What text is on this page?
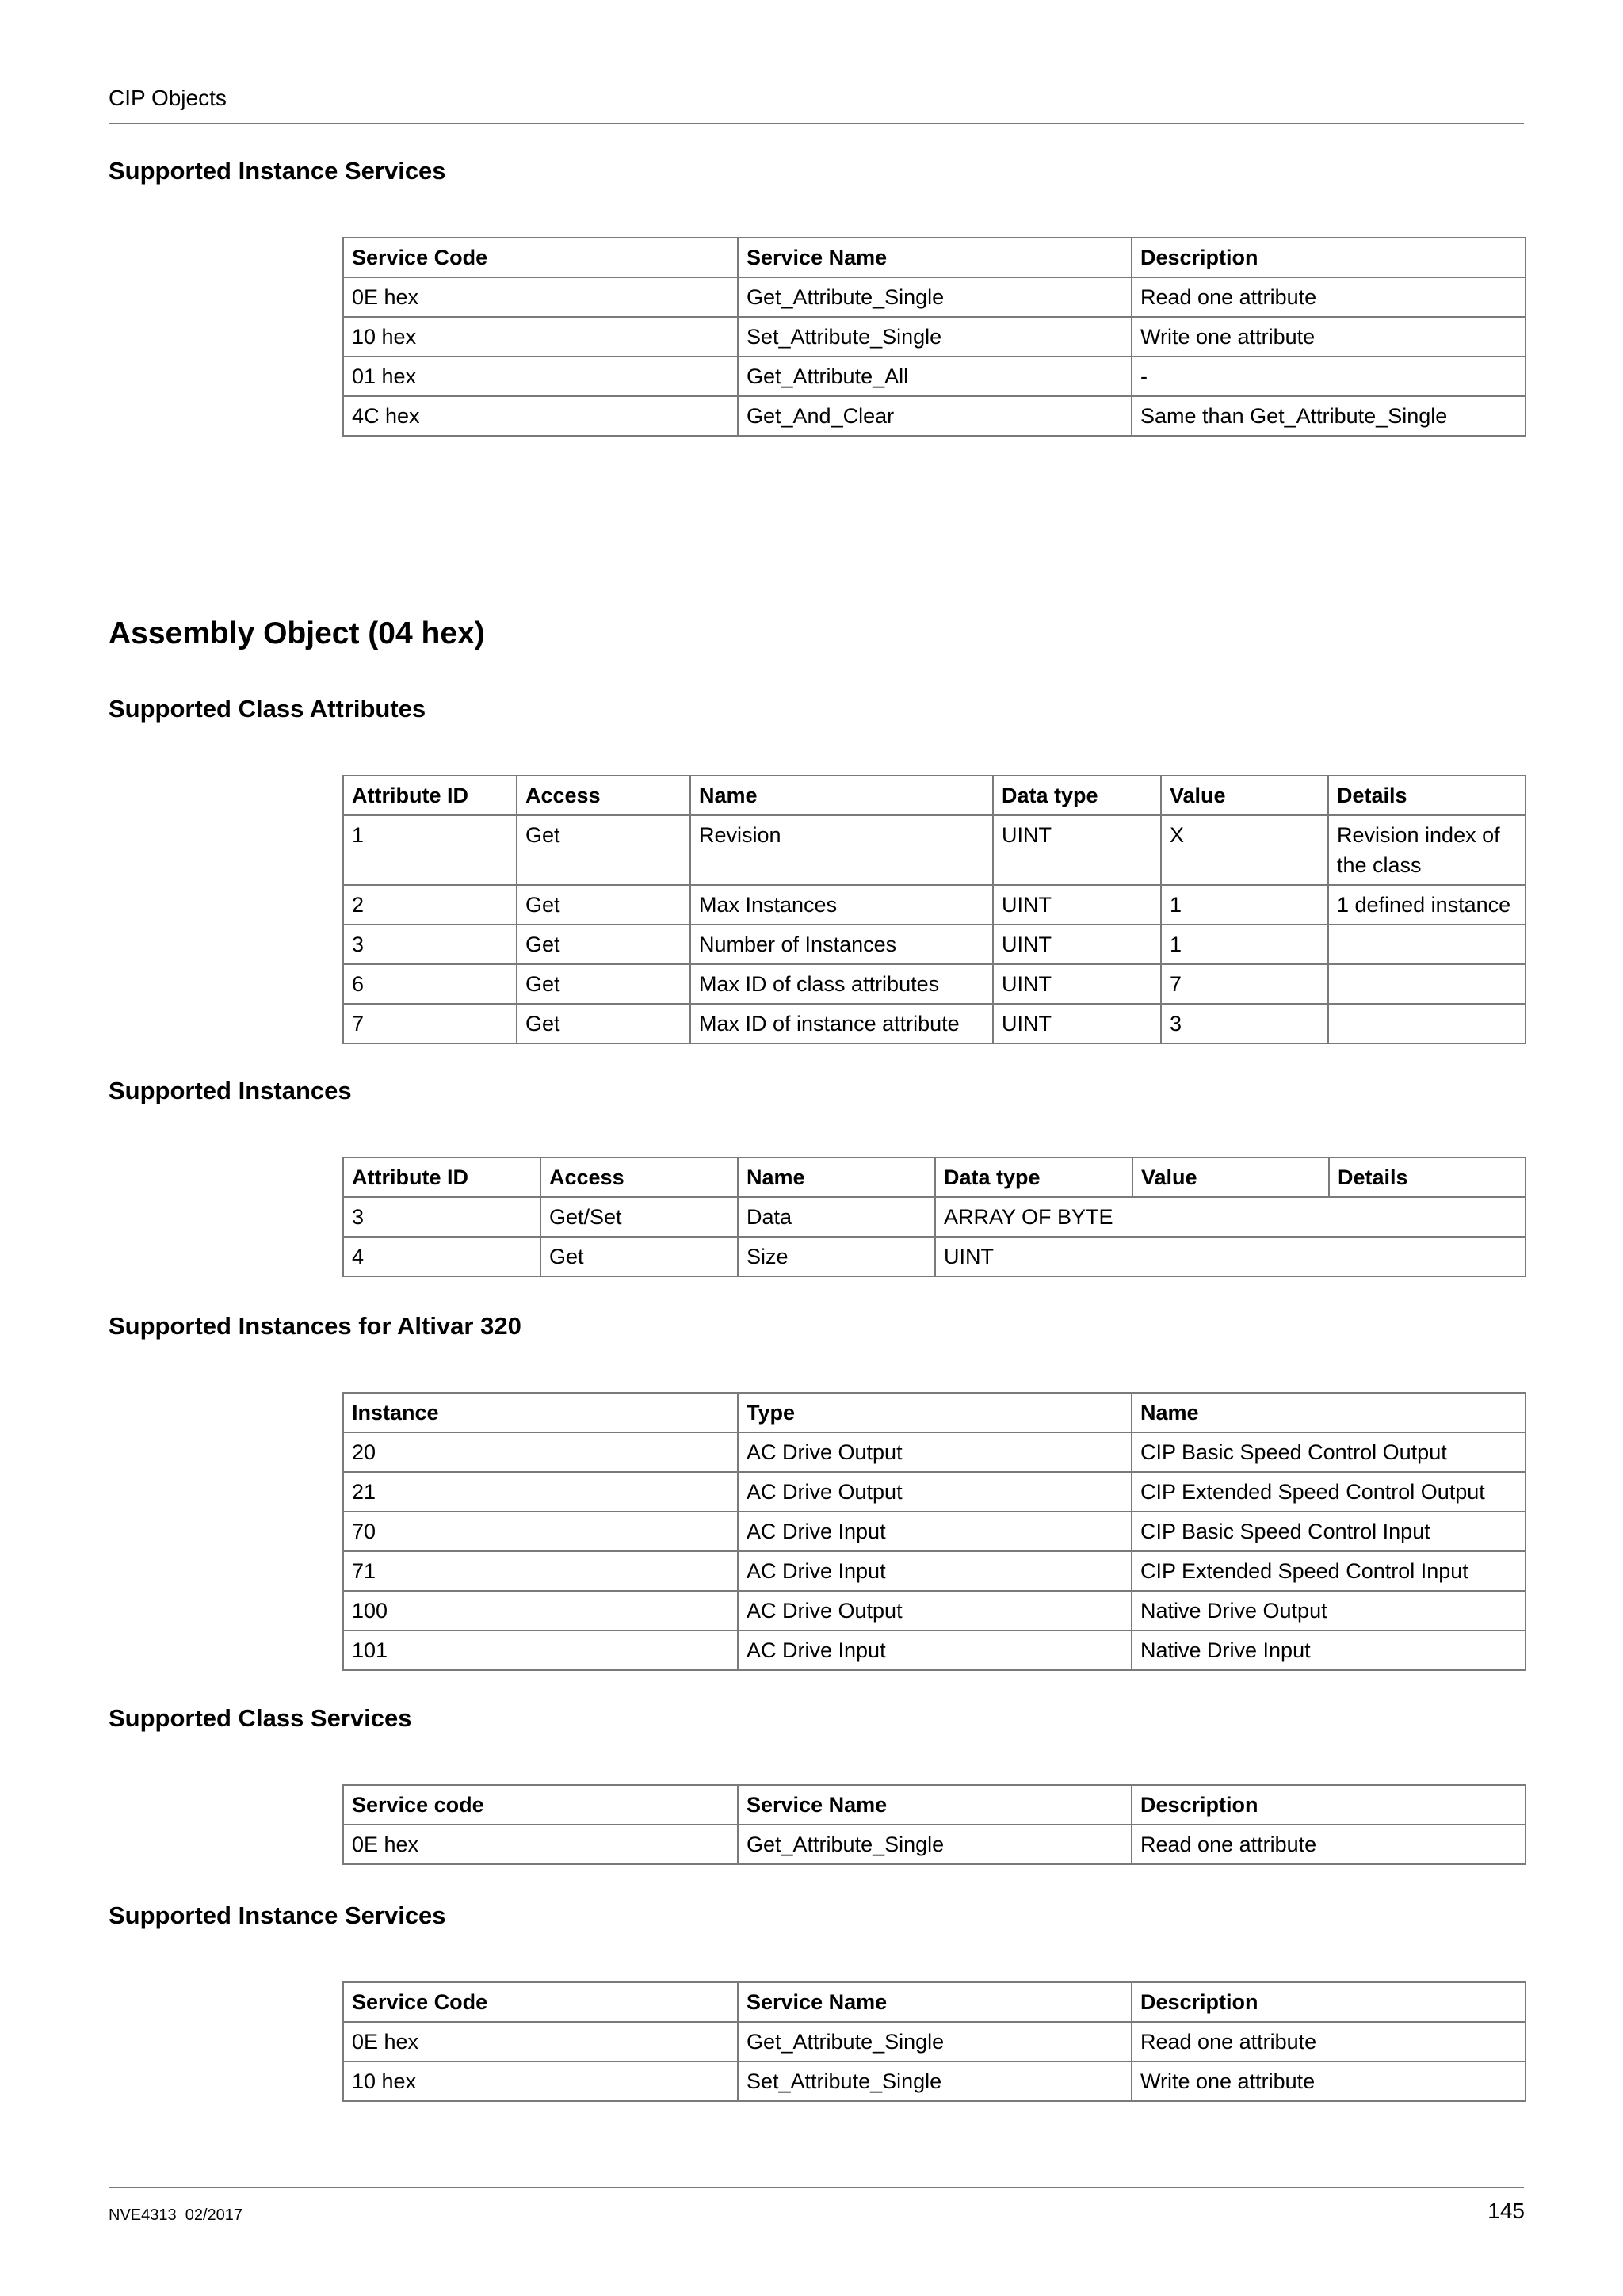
CIP Objects
Supported Instance Services
Service Code	Service Name	Description
0E hex	Get_Attribute_Single	Read one attribute
10 hex	Set_Attribute_Single	Write one attribute
01 hex	Get_Attribute_All	-
4C hex	Get_And_Clear	Same than Get_Attribute_Single
Assembly Object (04 hex)
Supported Class Attributes
Attribute ID	Access	Name	Data type	Value	Details
1	Get	Revision	UINT	X	Revision index of the class
2	Get	Max Instances	UINT	1	1 defined instance
3	Get	Number of Instances	UINT	1	
6	Get	Max ID of class attributes	UINT	7	
7	Get	Max ID of instance attribute	UINT	3	
Supported Instances
Attribute ID	Access	Name	Data type	Value	Details
3	Get/Set	Data	ARRAY OF BYTE		
4	Get	Size	UINT		
Supported Instances for Altivar 320
Instance	Type	Name
20	AC Drive Output	CIP Basic Speed Control Output
21	AC Drive Output	CIP Extended Speed Control Output
70	AC Drive Input	CIP Basic Speed Control Input
71	AC Drive Input	CIP Extended Speed Control Input
100	AC Drive Output	Native Drive Output
101	AC Drive Input	Native Drive Input
Supported Class Services
Service code	Service Name	Description
0E hex	Get_Attribute_Single	Read one attribute
Supported Instance Services
Service Code	Service Name	Description
0E hex	Get_Attribute_Single	Read one attribute
10 hex	Set_Attribute_Single	Write one attribute
NVE4313  02/2017	145
